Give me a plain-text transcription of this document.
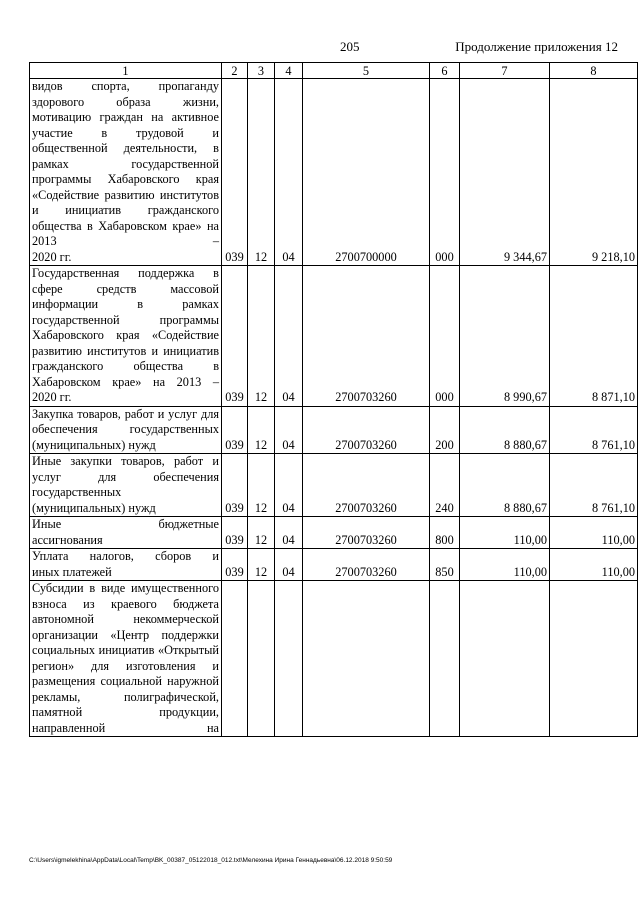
205	Продолжение приложения 12
1	2	3	4	5	6	7	8
видов спорта, пропаганду здорового образа жизни, мотивацию граждан на активное участие в трудовой и общественной деятельности, в рамках государственной программы Хабаровского края «Содействие развитию институтов и инициатив гражданского общества в Хабаровском крае» на 2013 –
2020 гг.	039	12	04	2700700000	000	9 344,67	9 218,10
Государственная поддержка в сфере средств массовой информации в рамках государственной программы Хабаровского края «Содействие развитию институтов и инициатив гражданского общества в Хабаровском крае» на 2013 –
2020 гг.	039	12	04	2700703260	000	8 990,67	8 871,10
Закупка товаров, работ и услуг для обеспечения государственных
(муниципальных) нужд	039	12	04	2700703260	200	8 880,67	8 761,10
Иные закупки товаров, работ и услуг для обеспечения государственных
(муниципальных) нужд	039	12	04	2700703260	240	8 880,67	8 761,10
Иные бюджетные
ассигнования	039	12	04	2700703260	800	110,00	110,00
Уплата налогов, сборов и
иных платежей	039	12	04	2700703260	850	110,00	110,00
Субсидии в виде имущественного взноса из краевого бюджета автономной некоммерческой организации «Центр поддержки социальных инициатив «Открытый регион» для изготовления и размещения социальной наружной рекламы, полиграфической, памятной продукции, направленной на

C:\Users\igmelekhina\AppData\Local\Temp\BK_00387_05122018_012.txt\Мелехина Ирина Геннадьевна\06.12.2018 9:50:59
